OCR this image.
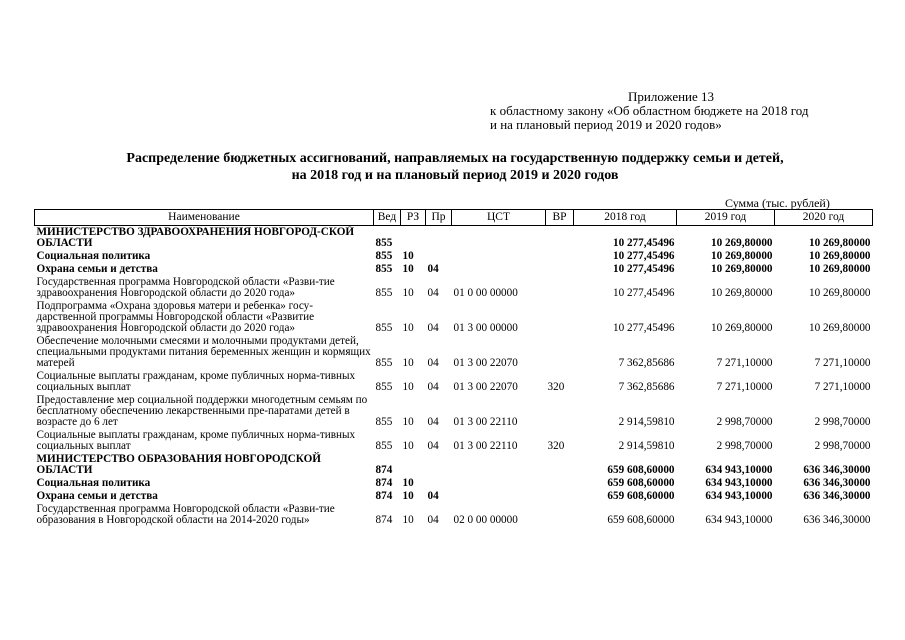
Приложение 13
к областному закону «Об областном бюджете на 2018 год
и на плановый период 2019 и 2020 годов»
Распределение бюджетных ассигнований, направляемых на государственную поддержку семьи и детей,
на 2018 год и на плановый период 2019 и 2020 годов
Сумма (тыс. рублей)
Наименование	Вед	РЗ	Пр	ЦСТ	ВР	2018 год	2019 год	2020 год
МИНИСТЕРСТВО ЗДРАВООХРАНЕНИЯ НОВГОРОД-СКОЙ ОБЛАСТИ	855					10 277,45496	10 269,80000	10 269,80000
Социальная политика	855	10				10 277,45496	10 269,80000	10 269,80000
Охрана семьи и детства	855	10	04			10 277,45496	10 269,80000	10 269,80000
Государственная программа Новгородской области «Разви-тие здравоохранения Новгородской области до 2020 года»	855	10	04	01 0 00 00000		10 277,45496	10 269,80000	10 269,80000
Подпрограмма «Охрана здоровья матери и ребенка» госу-дарственной программы Новгородской области «Развитие здравоохранения Новгородской области до 2020 года»	855	10	04	01 3 00 00000		10 277,45496	10 269,80000	10 269,80000
Обеспечение молочными смесями и молочными продуктами детей, специальными продуктами питания беременных женщин и кормящих матерей	855	10	04	01 3 00 22070		7 362,85686	7 271,10000	7 271,10000
Социальные выплаты гражданам, кроме публичных норма-тивных социальных выплат	855	10	04	01 3 00 22070	320	7 362,85686	7 271,10000	7 271,10000
Предоставление мер социальной поддержки многодетным семьям по бесплатному обеспечению лекарственными пре-паратами детей в возрасте до 6 лет	855	10	04	01 3 00 22110		2 914,59810	2 998,70000	2 998,70000
Социальные выплаты гражданам, кроме публичных норма-тивных социальных выплат	855	10	04	01 3 00 22110	320	2 914,59810	2 998,70000	2 998,70000
МИНИСТЕРСТВО ОБРАЗОВАНИЯ НОВГОРОДСКОЙ ОБЛАСТИ	874					659 608,60000	634 943,10000	636 346,30000
Социальная политика	874	10				659 608,60000	634 943,10000	636 346,30000
Охрана семьи и детства	874	10	04			659 608,60000	634 943,10000	636 346,30000
Государственная программа Новгородской области «Разви-тие образования в Новгородской области на 2014-2020 годы»	874	10	04	02 0 00 00000		659 608,60000	634 943,10000	636 346,30000
